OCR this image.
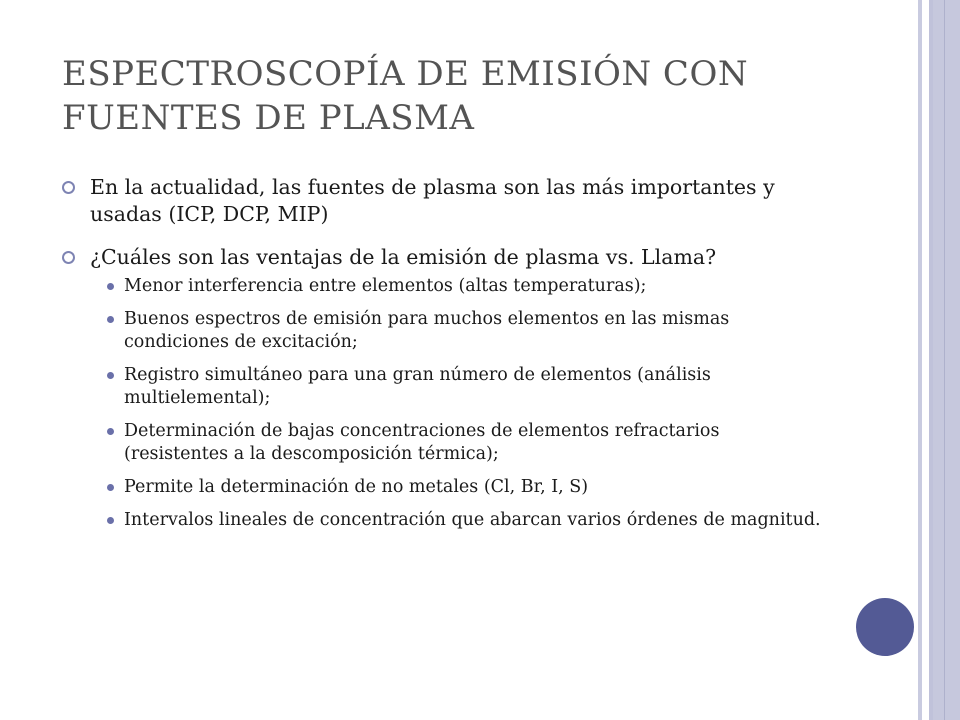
ESPECTROSCOPÍA DE EMISIÓN CON FUENTES DE PLASMA
En la actualidad, las fuentes de plasma son las más importantes y usadas (ICP, DCP, MIP)
¿Cuáles son las ventajas de la emisión de plasma vs. Llama?
Menor interferencia entre elementos (altas temperaturas);
Buenos espectros de emisión para muchos elementos en las mismas condiciones de excitación;
Registro simultáneo para una gran número de elementos (análisis multielemental);
Determinación de bajas concentraciones de elementos refractarios (resistentes a la descomposición térmica);
Permite la determinación de no metales (Cl, Br, I, S)
Intervalos lineales de concentración que abarcan varios órdenes de magnitud.
